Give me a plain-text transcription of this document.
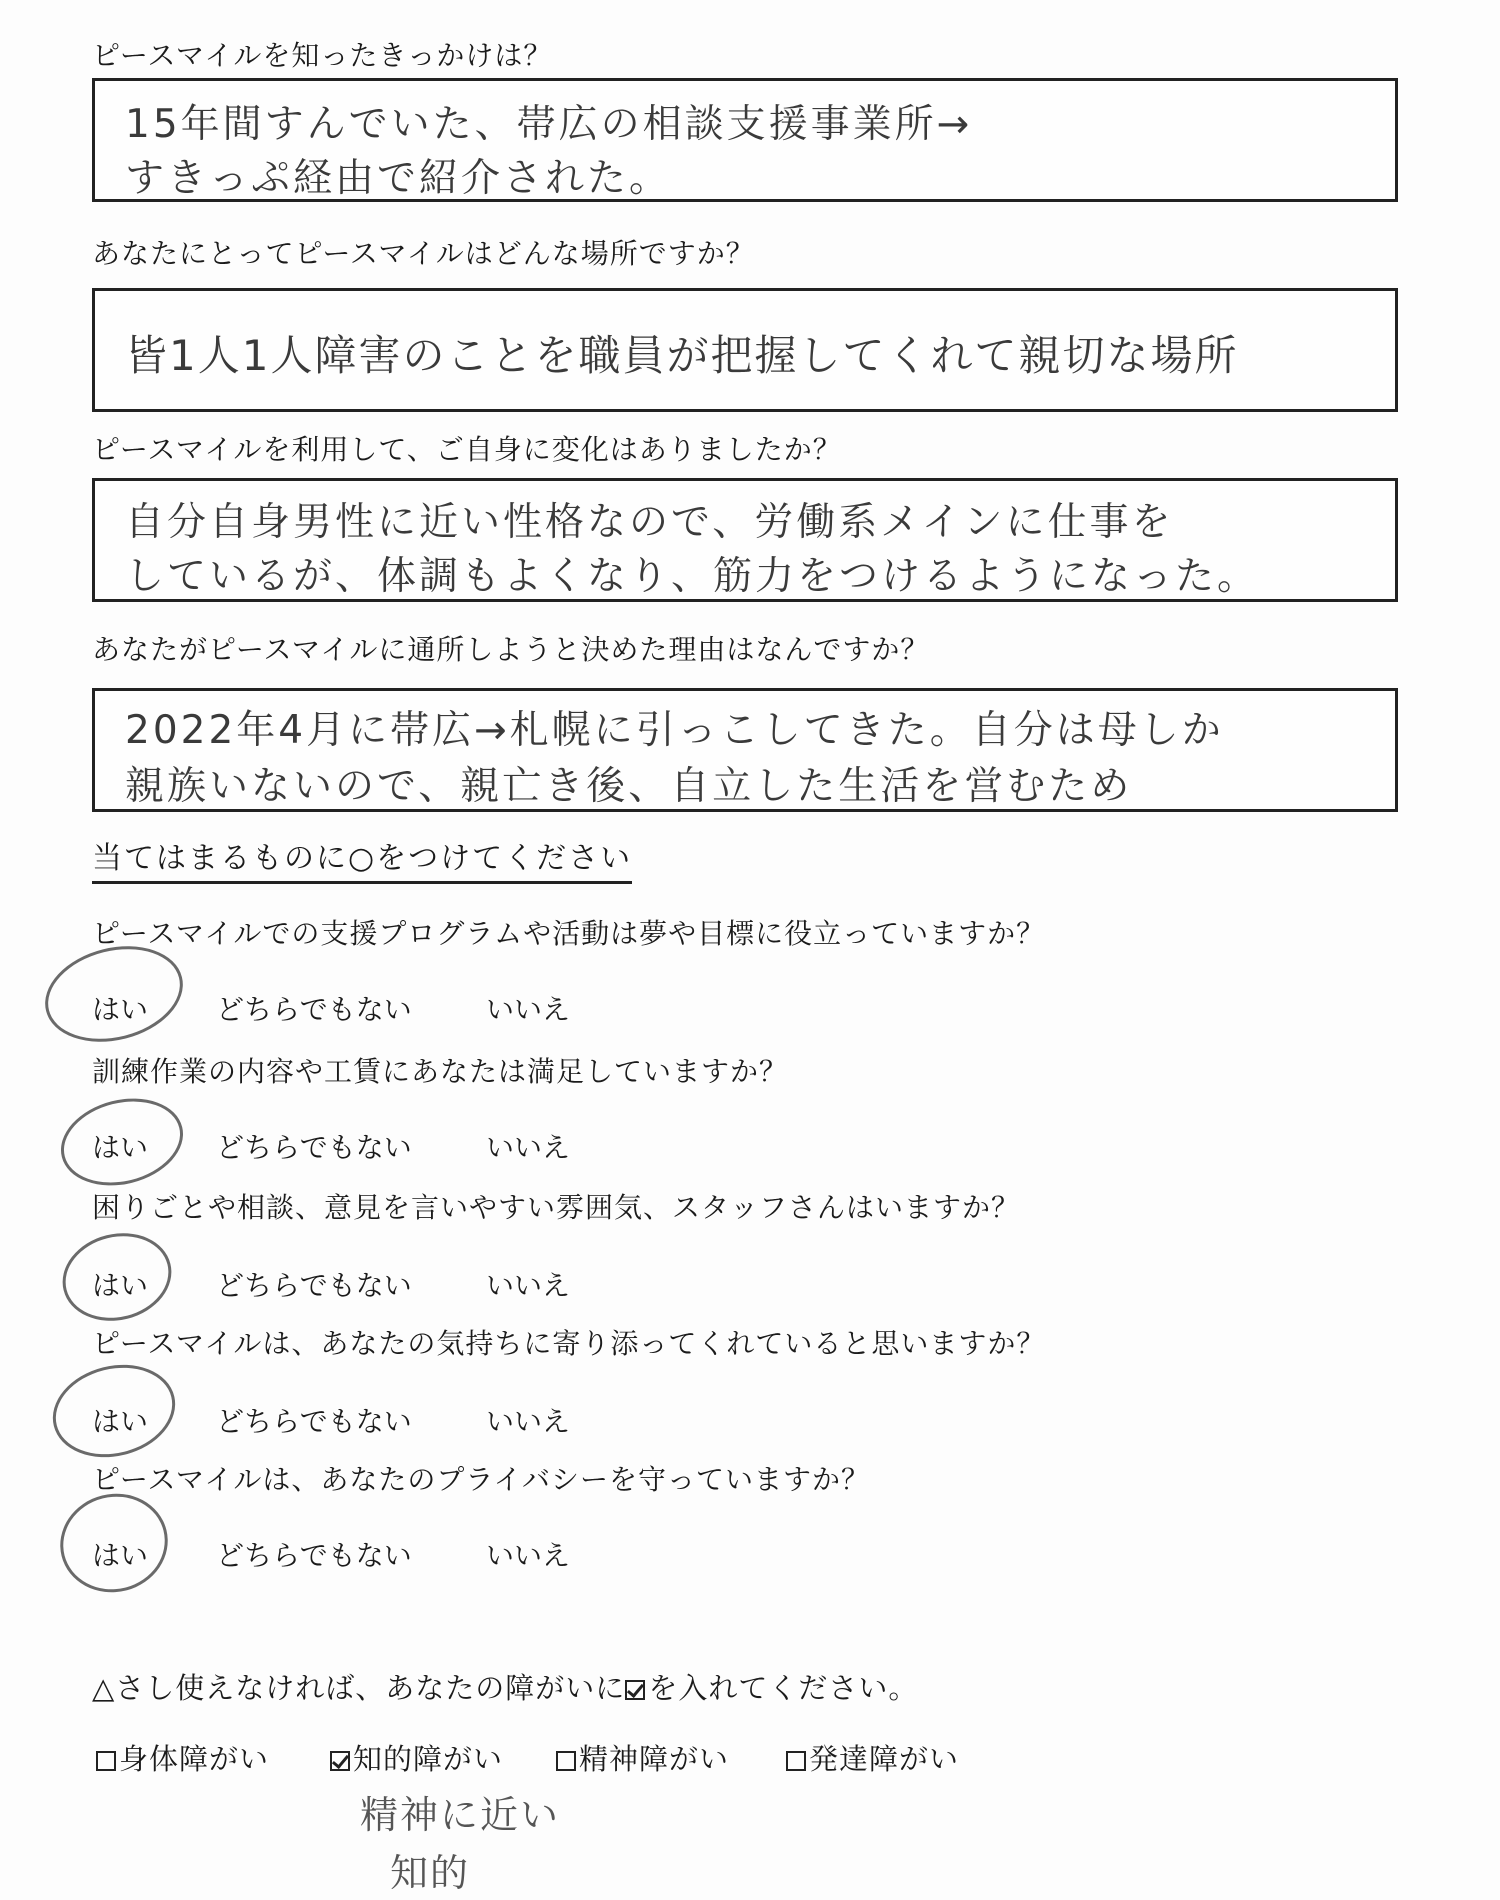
ピースマイルを知ったきっかけは？
15年間すんでいた、帯広の相談支援事業所→
すきっぷ経由で紹介された。
あなたにとってピースマイルはどんな場所ですか？
皆1人1人障害のことを職員が把握してくれて親切な場所
ピースマイルを利用して、ご自身に変化はありましたか？
自分自身男性に近い性格なので、労働系メインに仕事を
しているが、体調もよくなり、筋力をつけるようになった。
あなたがピースマイルに通所しようと決めた理由はなんですか？
2022年4月に帯広→札幌に引っこしてきた。自分は母しか
親族いないので、親亡き後、自立した生活を営むため
当てはまるものに○をつけてください
ピースマイルでの支援プログラムや活動は夢や目標に役立っていますか？
はい どちらでもない	いいえ
訓練作業の内容や工賃にあなたは満足していますか？
はい どちらでもない	いいえ
困りごとや相談、意見を言いやすい雰囲気、スタッフさんはいますか？
はい どちらでもない	いいえ
ピースマイルは、あなたの気持ちに寄り添ってくれていると思いますか？
はい どちらでもない	いいえ
ピースマイルは、あなたのプライバシーを守っていますか？
はい どちらでもない	いいえ
△さし使えなければ、あなたの障がいに を入れてください。
身体障がい	知的障がい	精神障がい	発達障がい
精神に近い
知的
